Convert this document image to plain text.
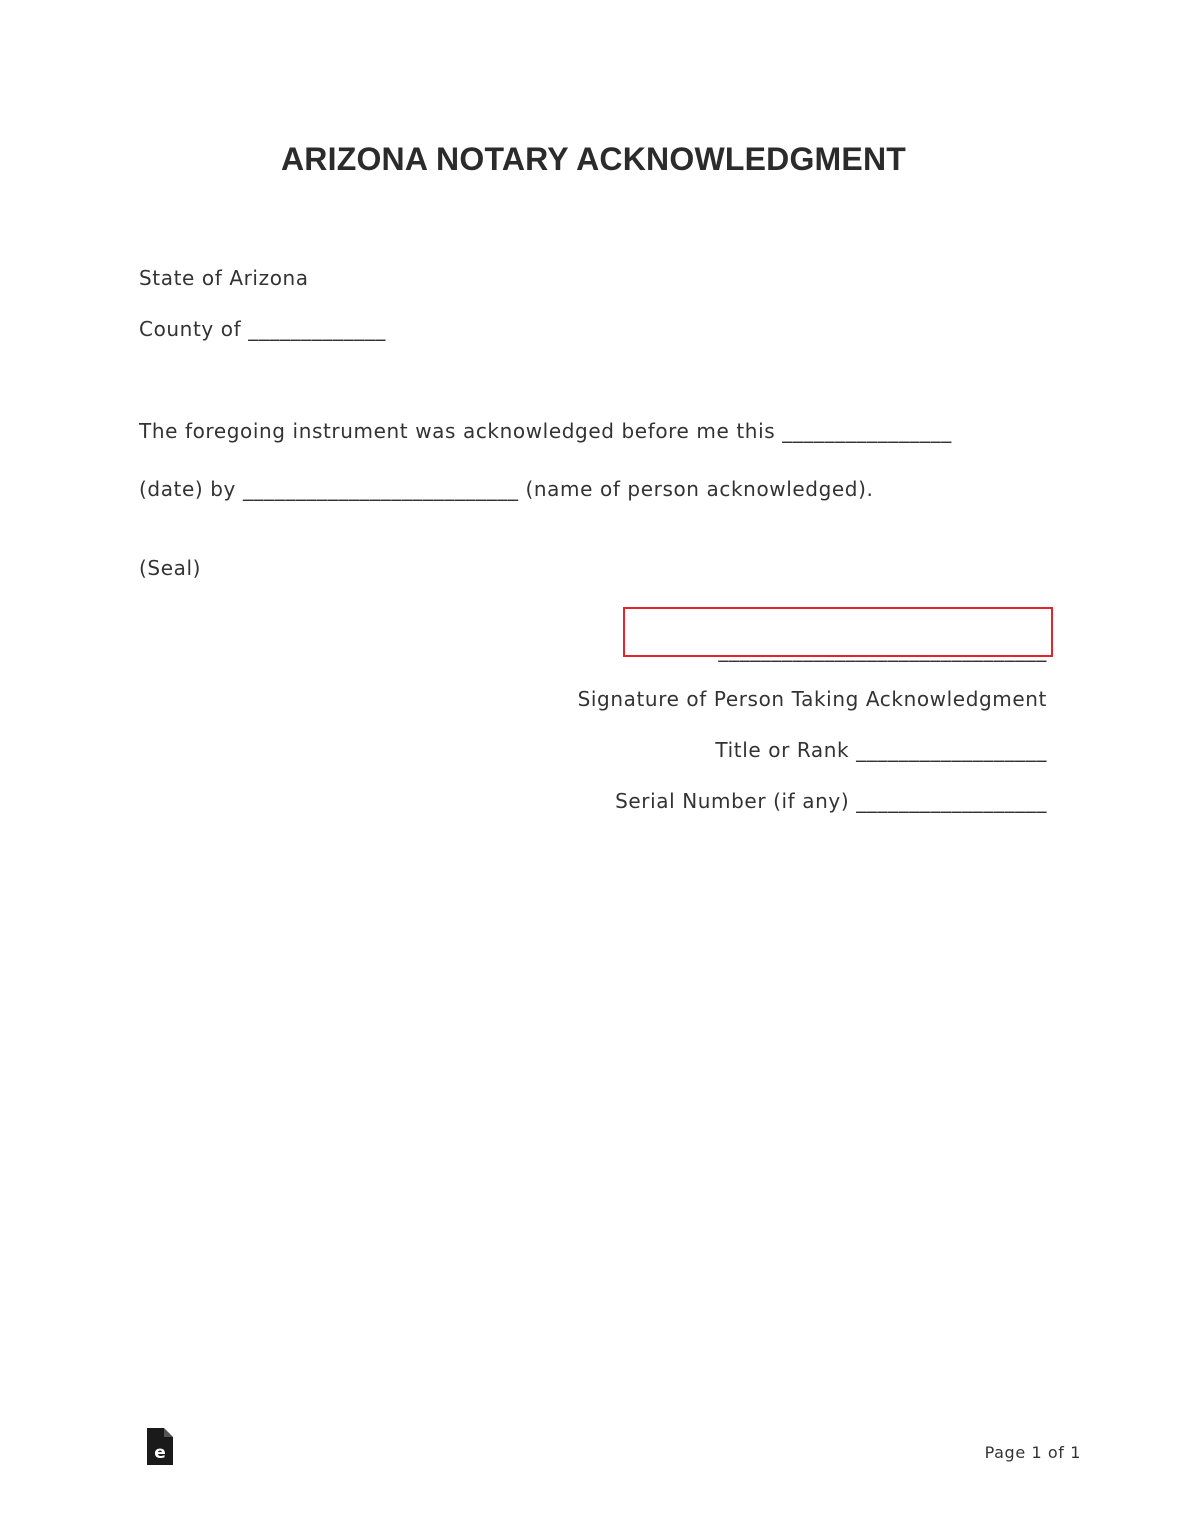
ARIZONA NOTARY ACKNOWLEDGMENT
State of Arizona
County of _____________
The foregoing instrument was acknowledged before me this ________________
(date) by __________________________ (name of person acknowledged).
(Seal)
_______________________________
Signature of Person Taking Acknowledgment
Title or Rank __________________
Serial Number (if any) __________________
e	Page 1 of 1
